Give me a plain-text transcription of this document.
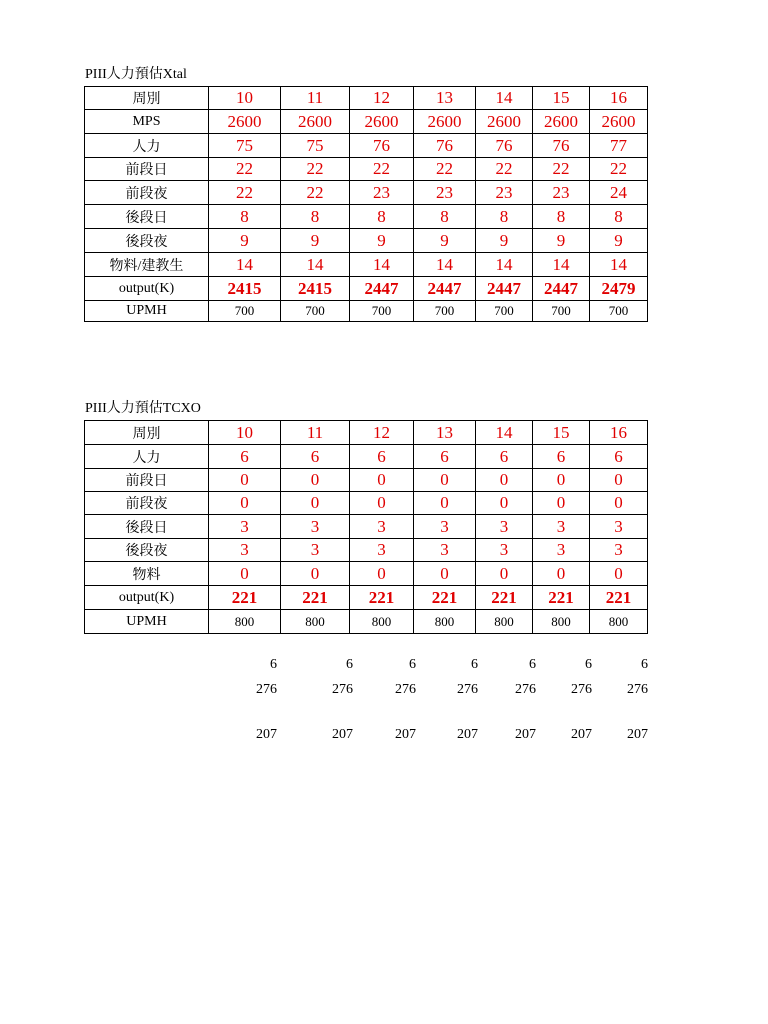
PIII人力預估Xtal
周別	10	11	12	13	14	15	16
MPS	2600	2600	2600	2600	2600	2600	2600
人力	75	75	76	76	76	76	77
前段日	22	22	22	22	22	22	22
前段夜	22	22	23	23	23	23	24
後段日	8	8	8	8	8	8	8
後段夜	9	9	9	9	9	9	9
物料/建教生	14	14	14	14	14	14	14
output(K)	2415	2415	2447	2447	2447	2447	2479
UPMH	700	700	700	700	700	700	700
PIII人力預估TCXO
周別	10	11	12	13	14	15	16
人力	6	6	6	6	6	6	6
前段日	0	0	0	0	0	0	0
前段夜	0	0	0	0	0	0	0
後段日	3	3	3	3	3	3	3
後段夜	3	3	3	3	3	3	3
物料	0	0	0	0	0	0	0
output(K)	221	221	221	221	221	221	221
UPMH	800	800	800	800	800	800	800
6	6	6	6	6	6	6
276	276	276	276	276	276	276
207	207	207	207	207	207	207
